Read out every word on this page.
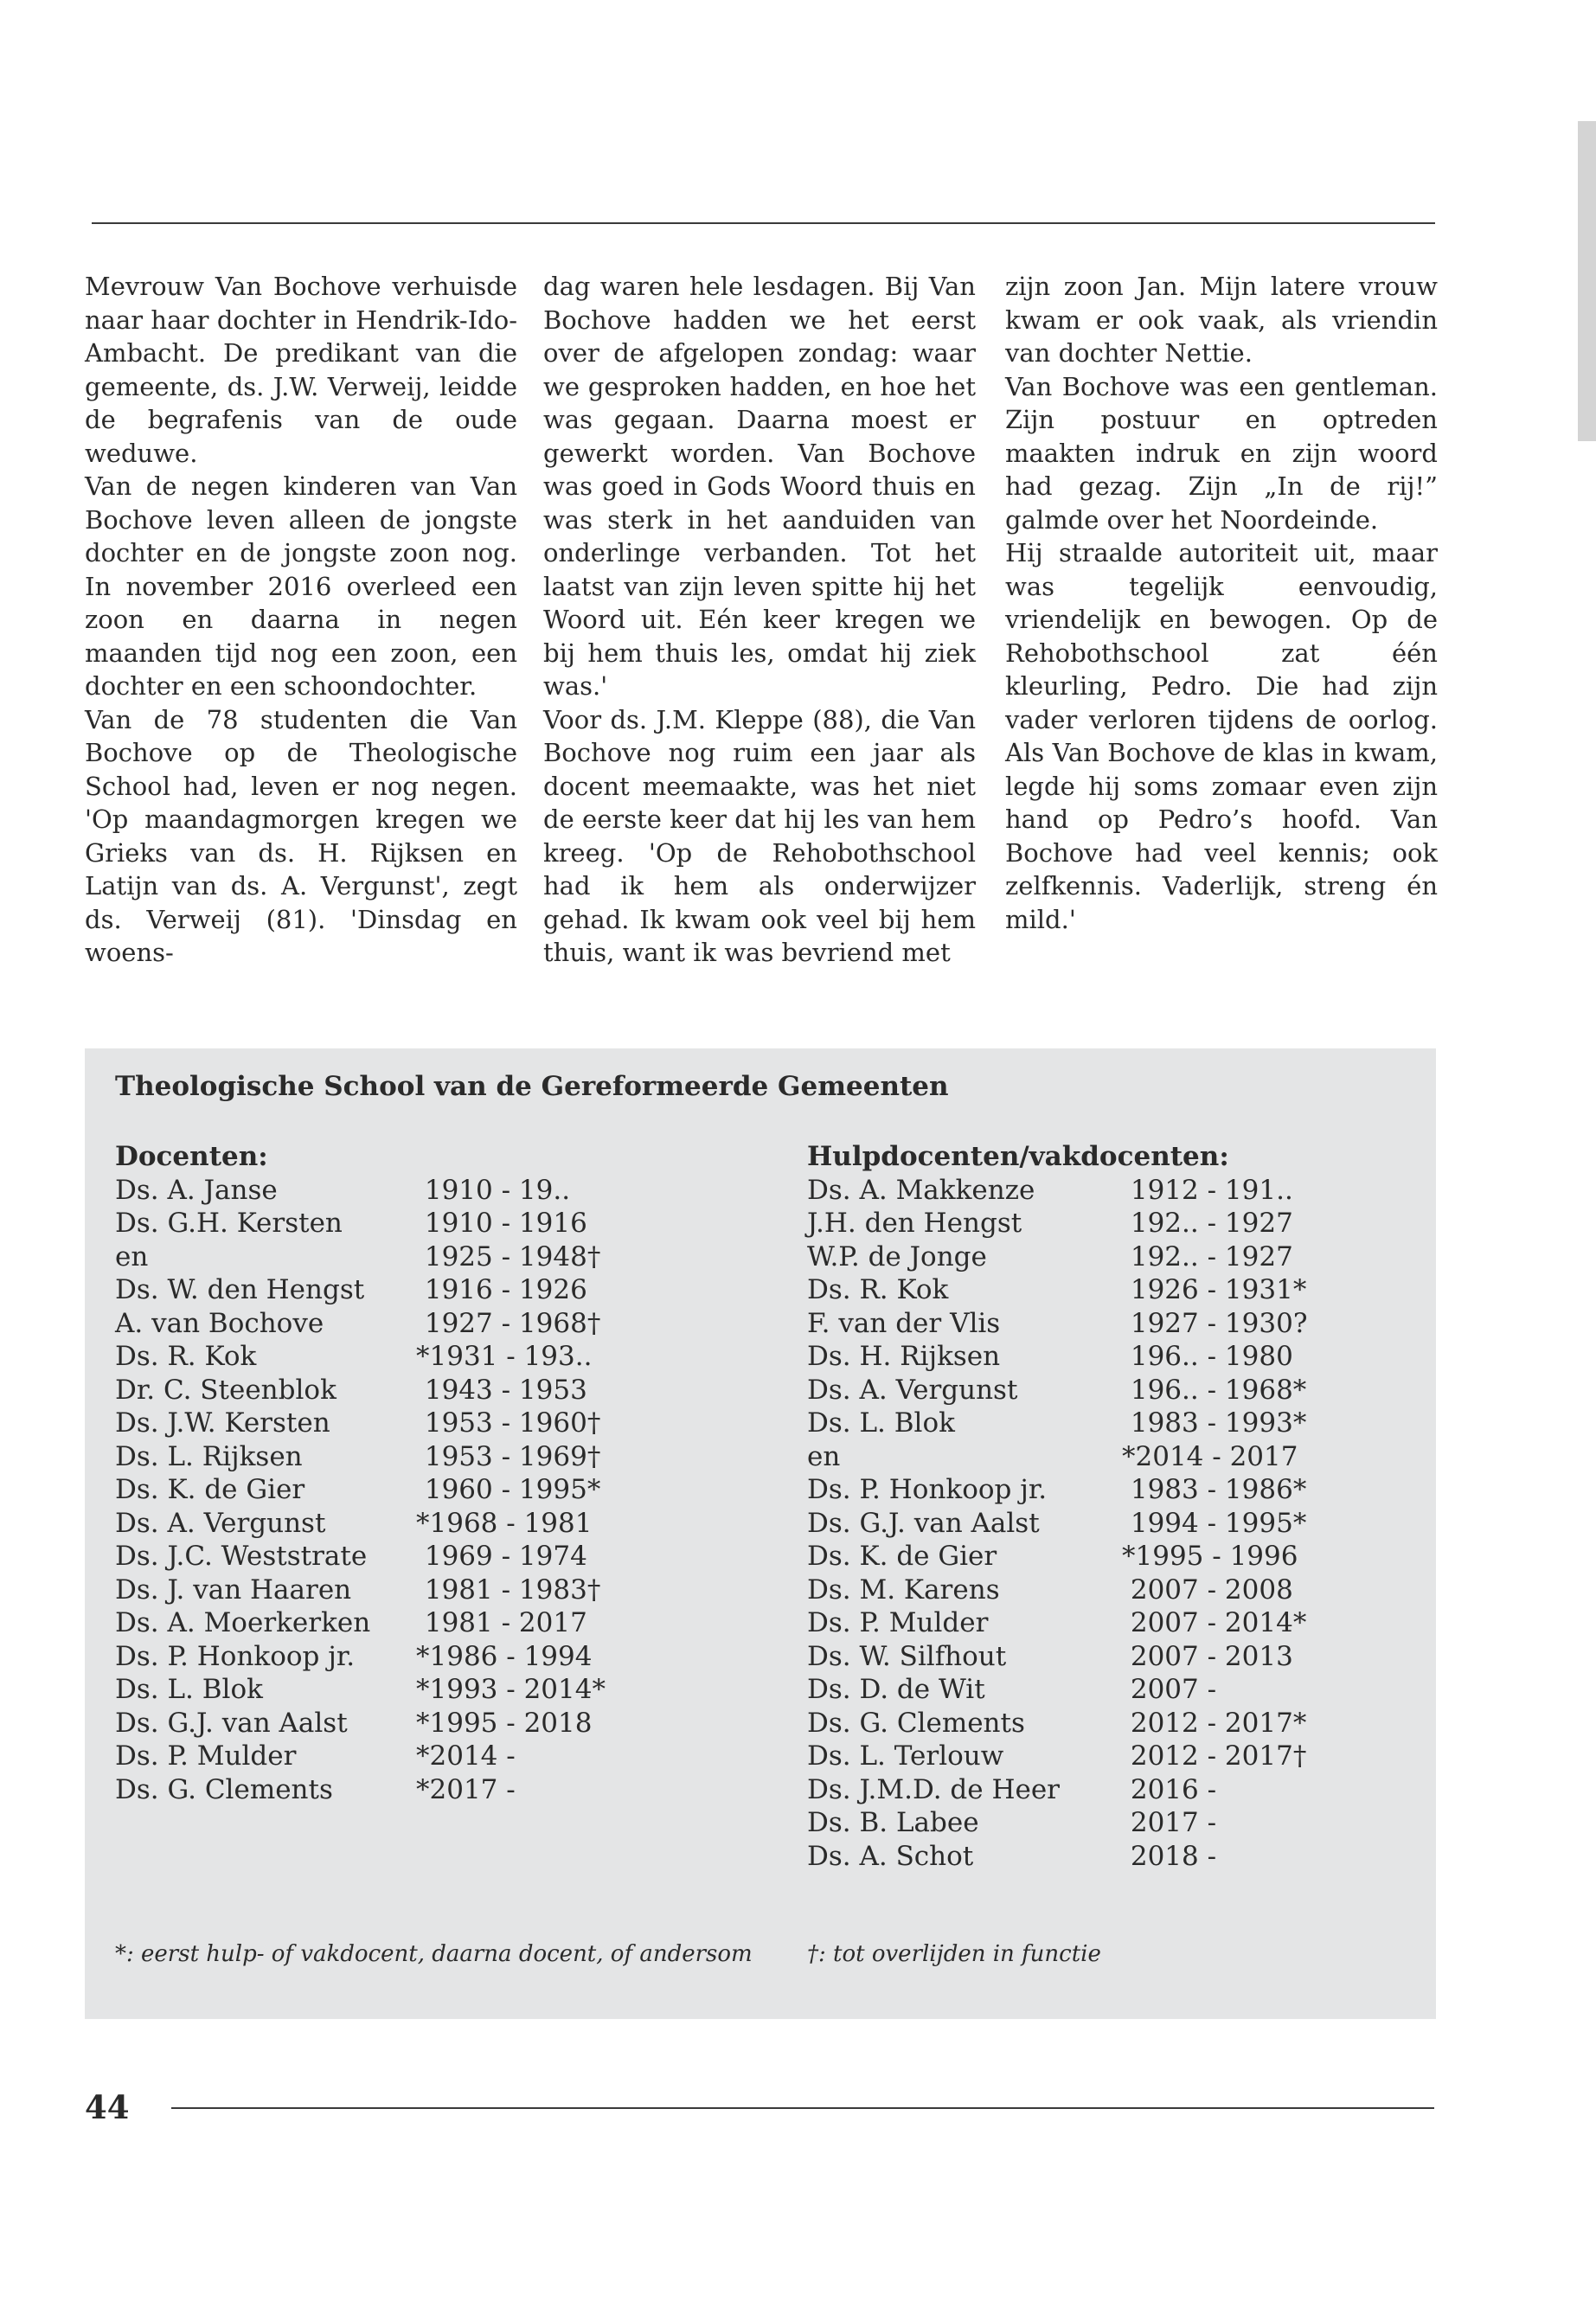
Mevrouw Van Bochove verhuisde naar haar dochter in Hendrik-Ido-Ambacht. De predikant van die gemeente, ds. J.W. Verweij, leidde de begrafenis van de oude weduwe.

Van de negen kinderen van Van Bochove leven alleen de jongste dochter en de jongste zoon nog. In november 2016 overleed een zoon en daarna in negen maanden tijd nog een zoon, een dochter en een schoondochter.

Van de 78 studenten die Van Bochove op de Theologische School had, leven er nog negen. 'Op maandagmorgen kregen we Grieks van ds. H. Rijksen en Latijn van ds. A. Vergunst', zegt ds. Verweij (81). 'Dinsdag en woens-

dag waren hele lesdagen. Bij Van Bochove hadden we het eerst over de afgelopen zondag: waar we gesproken hadden, en hoe het was gegaan. Daarna moest er gewerkt worden. Van Bochove was goed in Gods Woord thuis en was sterk in het aanduiden van onderlinge verbanden. Tot het laatst van zijn leven spitte hij het Woord uit. Eén keer kregen we bij hem thuis les, omdat hij ziek was.'

Voor ds. J.M. Kleppe (88), die Van Bochove nog ruim een jaar als docent meemaakte, was het niet de eerste keer dat hij les van hem kreeg. 'Op de Rehobothschool had ik hem als onderwijzer gehad. Ik kwam ook veel bij hem thuis, want ik was bevriend met

zijn zoon Jan. Mijn latere vrouw kwam er ook vaak, als vriendin van dochter Nettie.

Van Bochove was een gentleman. Zijn postuur en optreden maakten indruk en zijn woord had gezag. Zijn „In de rij!” galmde over het Noordeinde.

Hij straalde autoriteit uit, maar was tegelijk eenvoudig, vriendelijk en bewogen. Op de Rehobothschool zat één kleurling, Pedro. Die had zijn vader verloren tijdens de oorlog. Als Van Bochove de klas in kwam, legde hij soms zomaar even zijn hand op Pedro’s hoofd. Van Bochove had veel kennis; ook zelfkennis. Vaderlijk, streng én mild.'

Theologische School van de Gereformeerde Gemeenten
Docenten:
Ds. A. Janse	1910 - 19..
Ds. G.H. Kersten	1910 - 1916
en	1925 - 1948†
Ds. W. den Hengst	1916 - 1926
A. van Bochove	1927 - 1968†
Ds. R. Kok	*1931 - 193..
Dr. C. Steenblok	1943 - 1953
Ds. J.W. Kersten	1953 - 1960†
Ds. L. Rijksen	1953 - 1969†
Ds. K. de Gier	1960 - 1995*
Ds. A. Vergunst	*1968 - 1981
Ds. J.C. Weststrate	1969 - 1974
Ds. J. van Haaren	1981 - 1983†
Ds. A. Moerkerken	1981 - 2017
Ds. P. Honkoop jr.	*1986 - 1994
Ds. L. Blok	*1993 - 2014*
Ds. G.J. van Aalst	*1995 - 2018
Ds. P. Mulder	*2014 -
Ds. G. Clements	*2017 -
Hulpdocenten/vakdocenten:
Ds. A. Makkenze	1912 - 191..
J.H. den Hengst	192.. - 1927
W.P. de Jonge	192.. - 1927
Ds. R. Kok	1926 - 1931*
F. van der Vlis	1927 - 1930?
Ds. H. Rijksen	196.. - 1980
Ds. A. Vergunst	196.. - 1968*
Ds. L. Blok	1983 - 1993*
en	*2014 - 2017
Ds. P. Honkoop jr.	1983 - 1986*
Ds. G.J. van Aalst	1994 - 1995*
Ds. K. de Gier	*1995 - 1996
Ds. M. Karens	2007 - 2008
Ds. P. Mulder	2007 - 2014*
Ds. W. Silfhout	2007 - 2013
Ds. D. de Wit	2007 -
Ds. G. Clements	2012 - 2017*
Ds. L. Terlouw	2012 - 2017†
Ds. J.M.D. de Heer	2016 -
Ds. B. Labee	2017 -
Ds. A. Schot	2018 -
*: eerst hulp- of vakdocent, daarna docent, of andersom †: tot overlijden in functie
44
